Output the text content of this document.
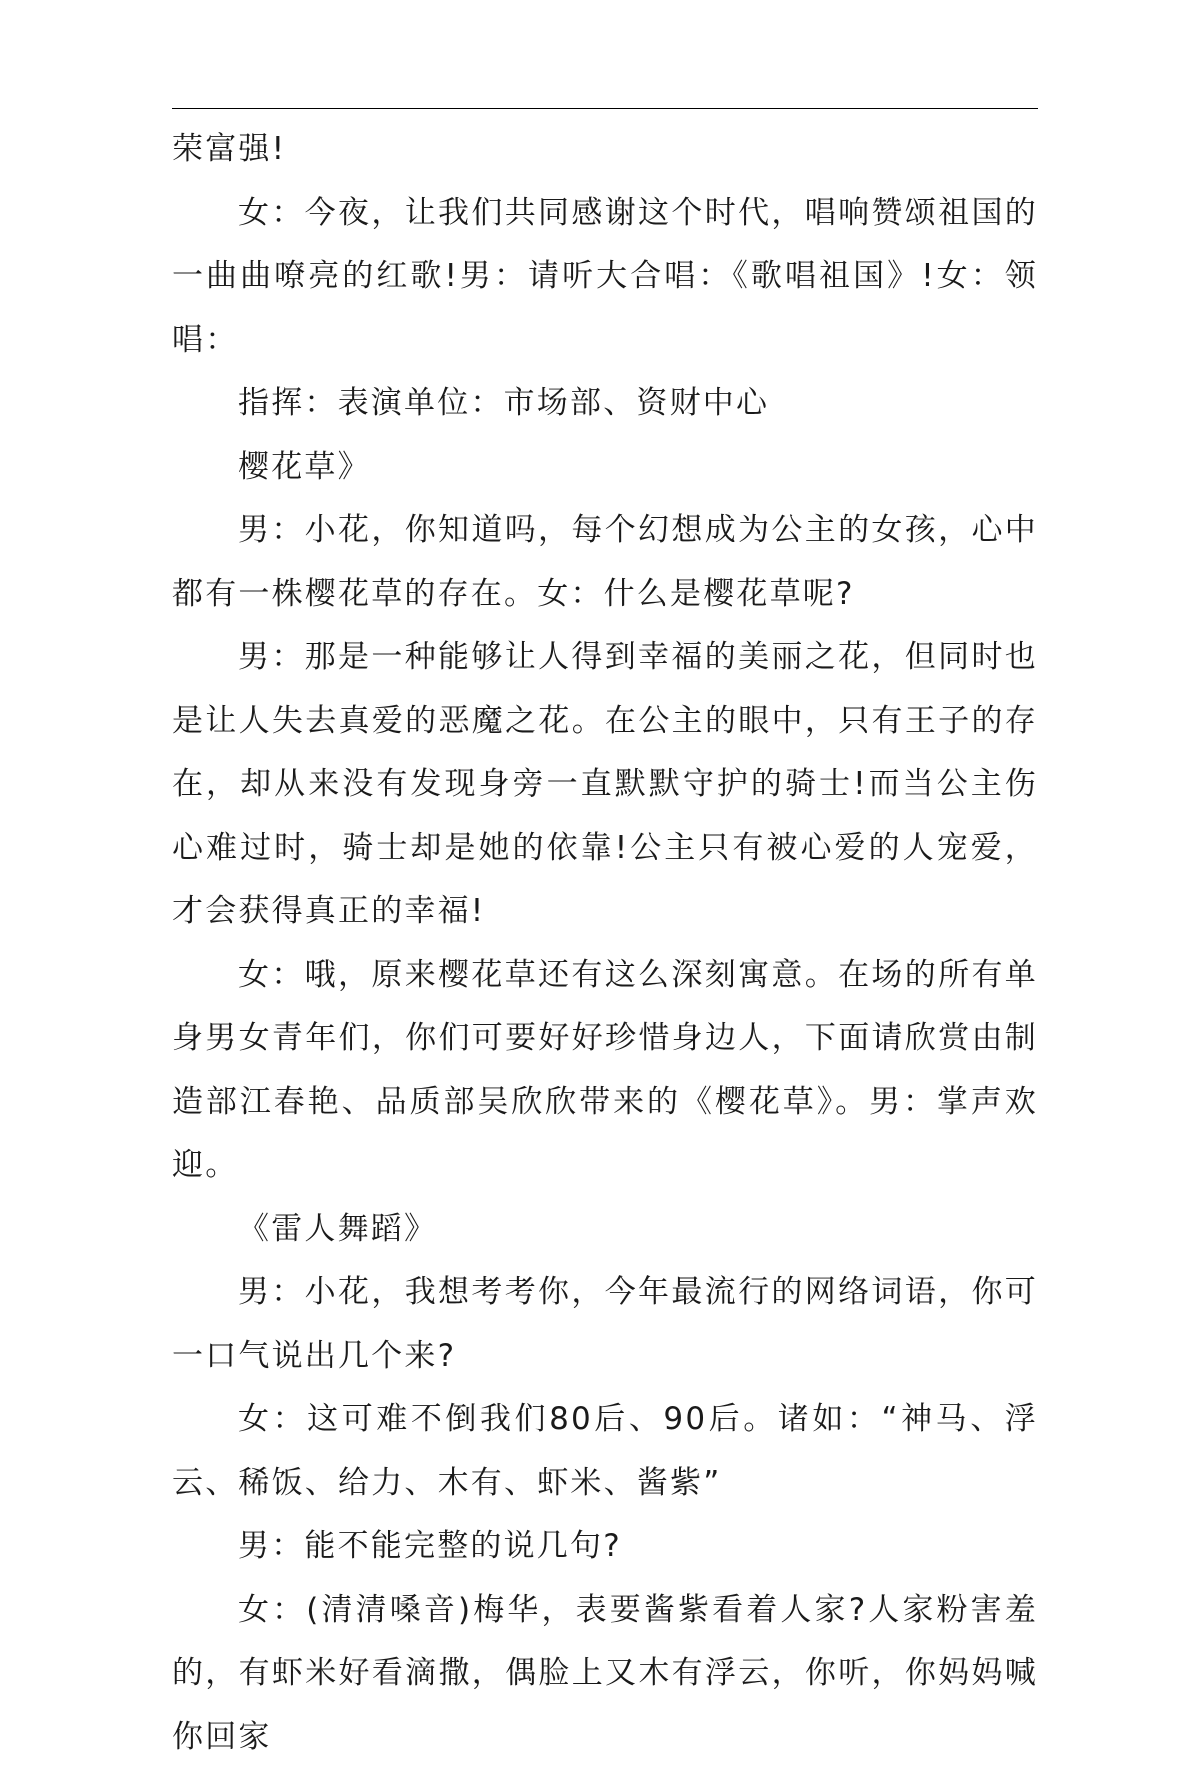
荣富强!

女：今夜，让我们共同感谢这个时代，唱响赞颂祖国的一曲曲嘹亮的红歌!男：请听大合唱：《歌唱祖国》!女：领唱：

指挥：表演单位：市场部、资财中心

樱花草》

男：小花，你知道吗，每个幻想成为公主的女孩，心中都有一株樱花草的存在。女：什么是樱花草呢?

男：那是一种能够让人得到幸福的美丽之花，但同时也是让人失去真爱的恶魔之花。在公主的眼中，只有王子的存在，却从来没有发现身旁一直默默守护的骑士!而当公主伤心难过时，骑士却是她的依靠!公主只有被心爱的人宠爱，才会获得真正的幸福!

女：哦，原来樱花草还有这么深刻寓意。在场的所有单身男女青年们，你们可要好好珍惜身边人，下面请欣赏由制造部江春艳、品质部吴欣欣带来的《樱花草》。男：掌声欢迎。

《雷人舞蹈》

男：小花，我想考考你，今年最流行的网络词语，你可一口气说出几个来?

女：这可难不倒我们80后、90后。诸如：“神马、浮云、稀饭、给力、木有、虾米、酱紫”

男：能不能完整的说几句?

女：(清清嗓音)梅华，表要酱紫看着人家?人家粉害羞的，有虾米好看滴撒，偶脸上又木有浮云，你听，你妈妈喊你回家
